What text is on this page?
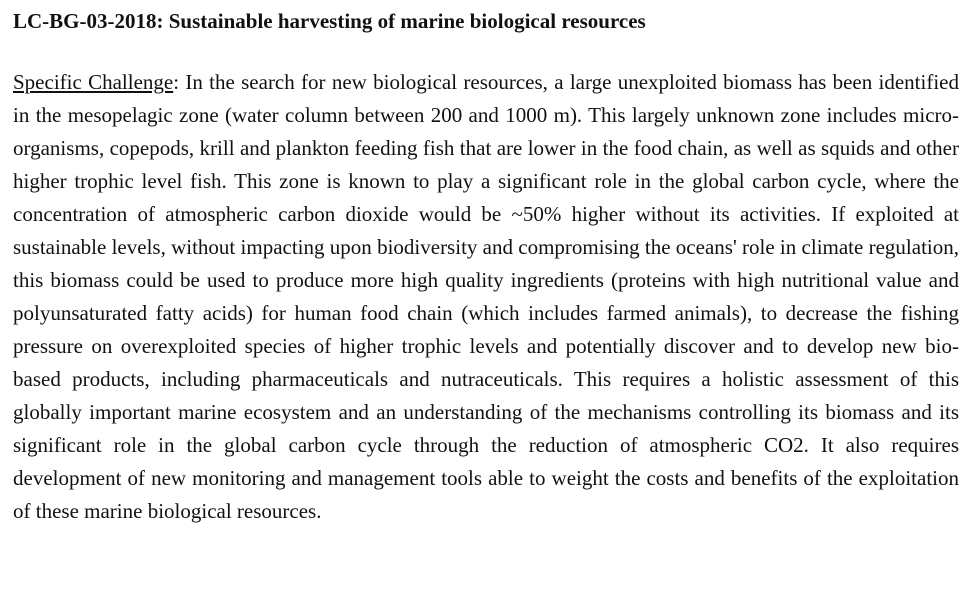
LC-BG-03-2018: Sustainable harvesting of marine biological resources

Specific Challenge: In the search for new biological resources, a large unexploited biomass has been identified in the mesopelagic zone (water column between 200 and 1000 m). This largely unknown zone includes micro-organisms, copepods, krill and plankton feeding fish that are lower in the food chain, as well as squids and other higher trophic level fish. This zone is known to play a significant role in the global carbon cycle, where the concentration of atmospheric carbon dioxide would be ~50% higher without its activities. If exploited at sustainable levels, without impacting upon biodiversity and compromising the oceans' role in climate regulation, this biomass could be used to produce more high quality ingredients (proteins with high nutritional value and polyunsaturated fatty acids) for human food chain (which includes farmed animals), to decrease the fishing pressure on overexploited species of higher trophic levels and potentially discover and to develop new bio-based products, including pharmaceuticals and nutraceuticals. This requires a holistic assessment of this globally important marine ecosystem and an understanding of the mechanisms controlling its biomass and its significant role in the global carbon cycle through the reduction of atmospheric CO2. It also requires development of new monitoring and management tools able to weight the costs and benefits of the exploitation of these marine biological resources.
